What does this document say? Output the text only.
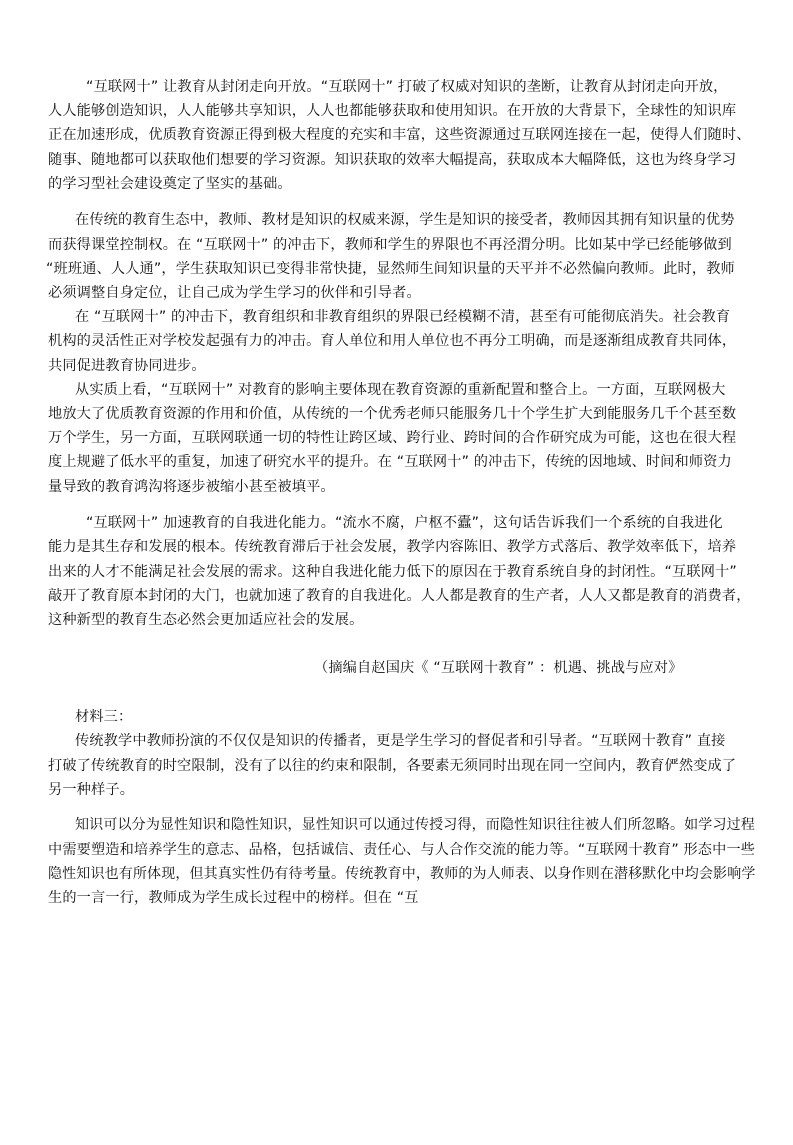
“互联网十” 让教育从封闭走向开放。“互联网十” 打破了权威对知识的垄断，让教育从封闭走向开放，
人人能够创造知识，人人能够共享知识，人人也都能够获取和使用知识。在开放的大背景下，全球性的知识库
正在加速形成，优质教育资源正得到极大程度的充实和丰富，这些资源通过互联网连接在一起，使得人们随时、
随事、随地都可以获取他们想要的学习资源。知识获取的效率大幅提高，获取成本大幅降低，这也为终身学习
的学习型社会建设奠定了坚实的基础。
在传统的教育生态中，教师、教材是知识的权威来源，学生是知识的接受者，教师因其拥有知识量的优势
而获得课堂控制权。在 “互联网十” 的冲击下，教师和学生的界限也不再泾渭分明。比如某中学已经能够做到
“班班通、人人通”，学生获取知识已变得非常快捷，显然师生间知识量的天平并不必然偏向教师。此时，教师
必须调整自身定位，让自己成为学生学习的伙伴和引导者。
在 “互联网十” 的冲击下，教育组织和非教育组织的界限已经模糊不清，甚至有可能彻底消失。社会教育
机构的灵活性正对学校发起强有力的冲击。育人单位和用人单位也不再分工明确，而是逐渐组成教育共同体，
共同促进教育协同进步。
从实质上看，“互联网十” 对教育的影响主要体现在教育资源的重新配置和整合上。一方面，互联网极大
地放大了优质教育资源的作用和价值，从传统的一个优秀老师只能服务几十个学生扩大到能服务几千个甚至数
万个学生，另一方面，互联网联通一切的特性让跨区域、跨行业、跨时间的合作研究成为可能，这也在很大程
度上规避了低水平的重复，加速了研究水平的提升。在 “互联网十” 的冲击下，传统的因地域、时间和师资力
量导致的教育鸿沟将逐步被缩小甚至被填平。
“互联网十” 加速教育的自我进化能力。“流水不腐，户枢不蠹”，这句话告诉我们一个系统的自我进化
能力是其生存和发展的根本。传统教育滞后于社会发展，教学内容陈旧、教学方式落后、教学效率低下，培养
出来的人才不能满足社会发展的需求。这种自我进化能力低下的原因在于教育系统自身的封闭性。“互联网十”
敲开了教育原本封闭的大门，也就加速了教育的自我进化。人人都是教育的生产者，人人又都是教育的消费者，
这种新型的教育生态必然会更加适应社会的发展。
（摘编自赵国庆《 “互联网十教育” ：机遇、挑战与应对》
材料三：
传统教学中教师扮演的不仅仅是知识的传播者，更是学生学习的督促者和引导者。“互联网十教育” 直接
打破了传统教育的时空限制，没有了以往的约束和限制，各要素无须同时出现在同一空间内，教育俨然变成了
另一种样子。
知识可以分为显性知识和隐性知识，显性知识可以通过传授习得，而隐性知识往往被人们所忽略。如学习过程
中需要塑造和培养学生的意志、品格，包括诚信、责任心、与人合作交流的能力等。“互联网十教育” 形态中一些
隐性知识也有所体现，但其真实性仍有待考量。传统教育中，教师的为人师表、以身作则在潜移默化中均会影响学
生的一言一行，教师成为学生成长过程中的榜样。但在 “互
